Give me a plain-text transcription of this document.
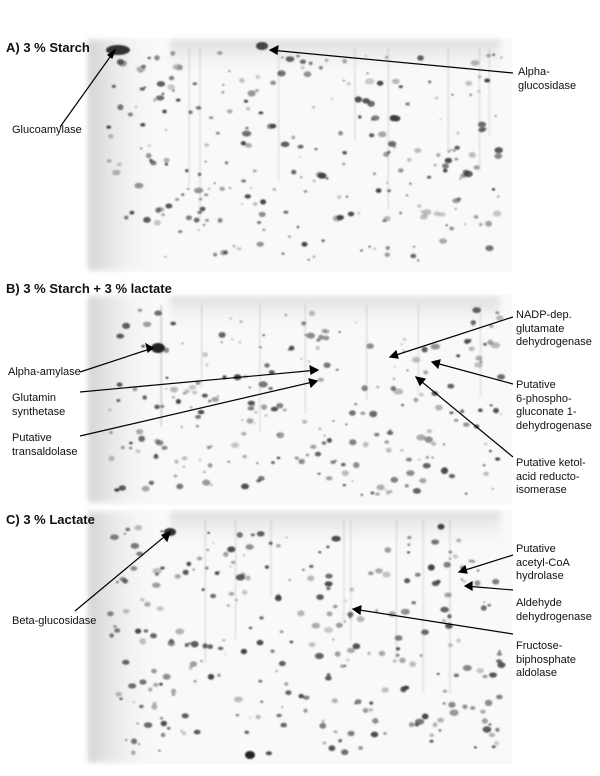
A) 3 % Starch
B) 3 % Starch + 3 % lactate
C) 3 % Lactate
Glucoamylase
Alpha-
glucosidase
Alpha-amylase
Glutamin
synthetase
Putative
transaldolase
NADP-dep.
glutamate
dehydrogenase
Putative
6-phospho-
gluconate 1-
dehydrogenase
Putative ketol-
acid reducto-
isomerase
Beta-glucosidase
Putative
acetyl-CoA
hydrolase
Aldehyde
dehydrogenase
Fructose-
biphosphate
aldolase
